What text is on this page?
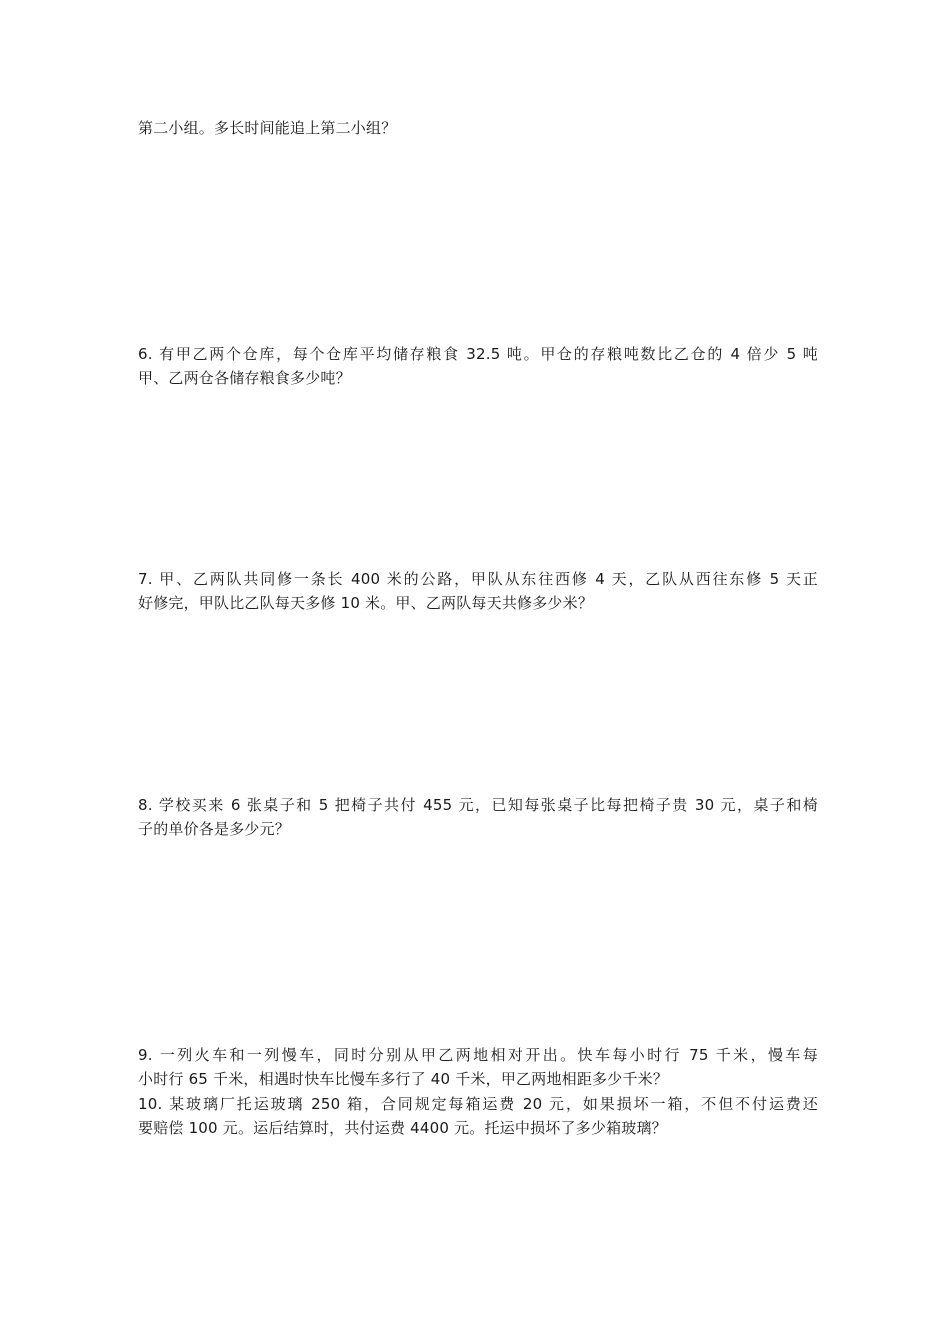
第二小组。多长时间能追上第二小组？
6. 有甲乙两个仓库，每个仓库平均储存粮食 32.5 吨。甲仓的存粮吨数比乙仓的 4 倍少 5 吨
甲、乙两仓各储存粮食多少吨？
7. 甲、乙两队共同修一条长 400 米的公路，甲队从东往西修 4 天，乙队从西往东修 5 天正
好修完，甲队比乙队每天多修 10 米。甲、乙两队每天共修多少米？
8. 学校买来 6 张桌子和 5 把椅子共付 455 元，已知每张桌子比每把椅子贵 30 元，桌子和椅
子的单价各是多少元？
9. 一列火车和一列慢车，同时分别从甲乙两地相对开出。快车每小时行 75 千米，慢车每
小时行 65 千米，相遇时快车比慢车多行了 40 千米，甲乙两地相距多少千米？
10. 某玻璃厂托运玻璃 250 箱，合同规定每箱运费 20 元，如果损坏一箱，不但不付运费还
要赔偿 100 元。运后结算时，共付运费 4400 元。托运中损坏了多少箱玻璃？
